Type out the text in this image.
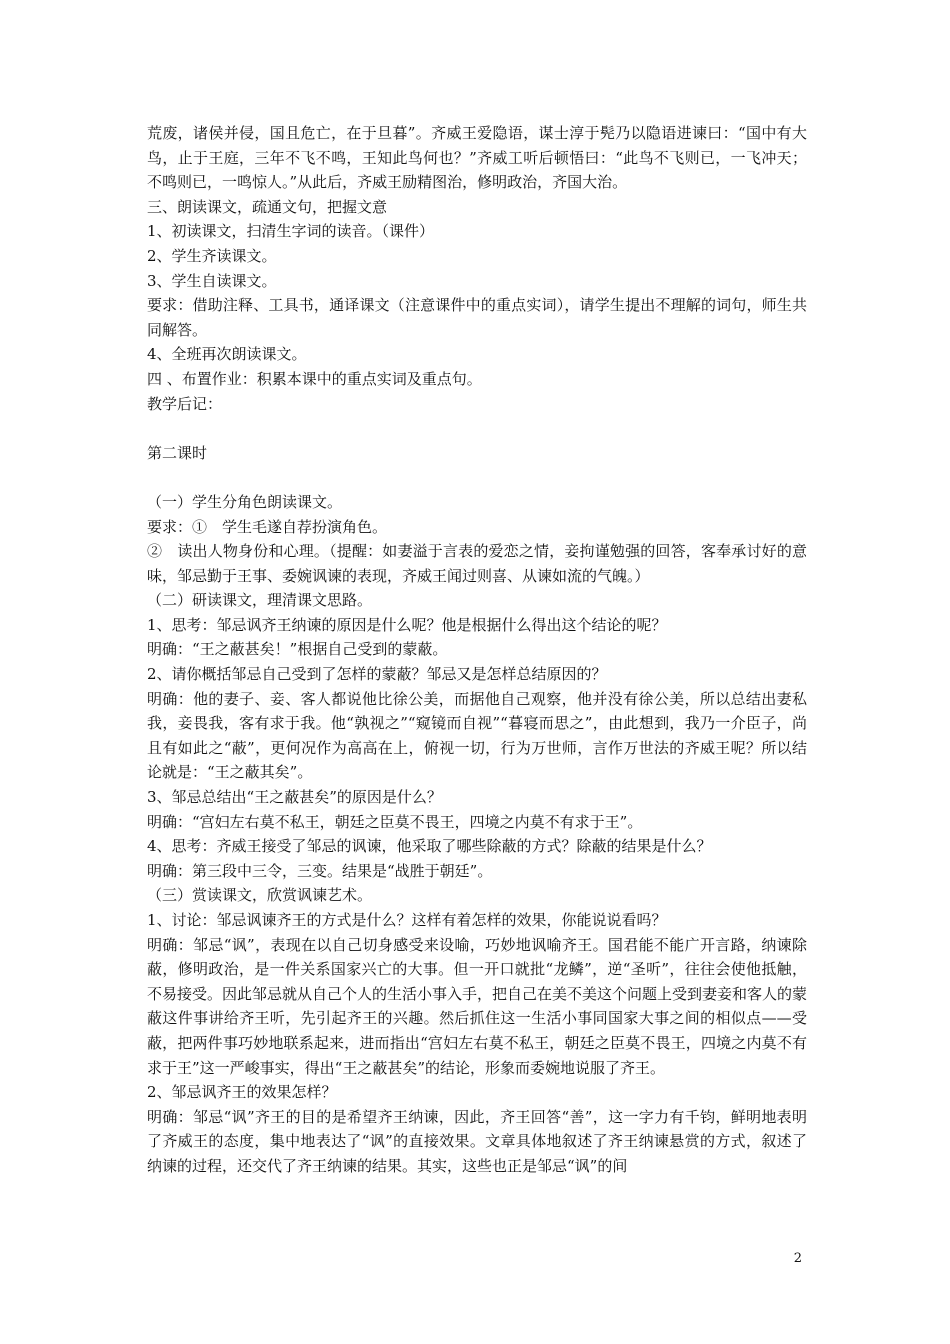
荒废，诸侯并侵，国且危亡，在于旦暮”。齐威王爱隐语，谋士淳于髡乃以隐语进谏曰：“国中有大鸟，止于王庭，三年不飞不鸣，王知此鸟何也？”齐威工听后顿悟曰：“此鸟不飞则已，一飞冲天；不鸣则已，一鸣惊人。”从此后，齐威王励精图治，修明政治，齐国大治。

三、朗读课文，疏通文句，把握文意

1、初读课文，扫清生字词的读音。（课件）

2、学生齐读课文。

3、学生自读课文。

要求：借助注释、工具书，通译课文（注意课件中的重点实词），请学生提出不理解的词句，师生共同解答。

4、全班再次朗读课文。

四 、布置作业：积累本课中的重点实词及重点句。

教学后记：

第二课时

（一）学生分角色朗读课文。

要求：①　学生毛遂自荐扮演角色。

②　读出人物身份和心理。（提醒：如妻溢于言表的爱恋之情，妾拘谨勉强的回答，客奉承讨好的意味，邹忌勤于王事、委婉讽谏的表现，齐威王闻过则喜、从谏如流的气魄。）

（二）研读课文，理清课文思路。

1、思考：邹忌讽齐王纳谏的原因是什么呢？他是根据什么得出这个结论的呢？

明确：“王之蔽甚矣！”根据自己受到的蒙蔽。

2、请你概括邹忌自己受到了怎样的蒙蔽？邹忌又是怎样总结原因的？

明确：他的妻子、妾、客人都说他比徐公美，而据他自己观察，他并没有徐公美，所以总结出妻私我，妾畏我，客有求于我。他“孰视之”“窥镜而自视”“暮寝而思之”，由此想到，我乃一介臣子，尚且有如此之“蔽”，更何况作为高高在上，俯视一切，行为万世师，言作万世法的齐威王呢？所以结论就是：“王之蔽其矣”。

3、邹忌总结出“王之蔽甚矣”的原因是什么？

明确：“宫妇左右莫不私王，朝廷之臣莫不畏王，四境之内莫不有求于王”。

4、思考：齐威王接受了邹忌的讽谏，他采取了哪些除蔽的方式？除蔽的结果是什么？

明确：第三段中三令，三变。结果是“战胜于朝廷”。

（三）赏读课文，欣赏讽谏艺术。

1、讨论：邹忌讽谏齐王的方式是什么？这样有着怎样的效果，你能说说看吗？

明确：邹忌“讽”，表现在以自己切身感受来设喻，巧妙地讽喻齐王。国君能不能广开言路，纳谏除蔽，修明政治，是一件关系国家兴亡的大事。但一开口就批“龙鳞”，逆“圣听”，往往会使他抵触，不易接受。因此邹忌就从自己个人的生活小事入手，把自己在美不美这个问题上受到妻妾和客人的蒙蔽这件事讲给齐王听，先引起齐王的兴趣。然后抓住这一生活小事同国家大事之间的相似点——受蔽，把两件事巧妙地联系起来，进而指出“宫妇左右莫不私王，朝廷之臣莫不畏王，四境之内莫不有求于王”这一严峻事实，得出“王之蔽甚矣”的结论，形象而委婉地说服了齐王。

2、邹忌讽齐王的效果怎样？

明确：邹忌“讽”齐王的目的是希望齐王纳谏，因此，齐王回答“善”，这一字力有千钧，鲜明地表明了齐威王的态度，集中地表达了“讽”的直接效果。文章具体地叙述了齐王纳谏悬赏的方式，叙述了纳谏的过程，还交代了齐王纳谏的结果。其实，这些也正是邹忌“讽”的间

2
